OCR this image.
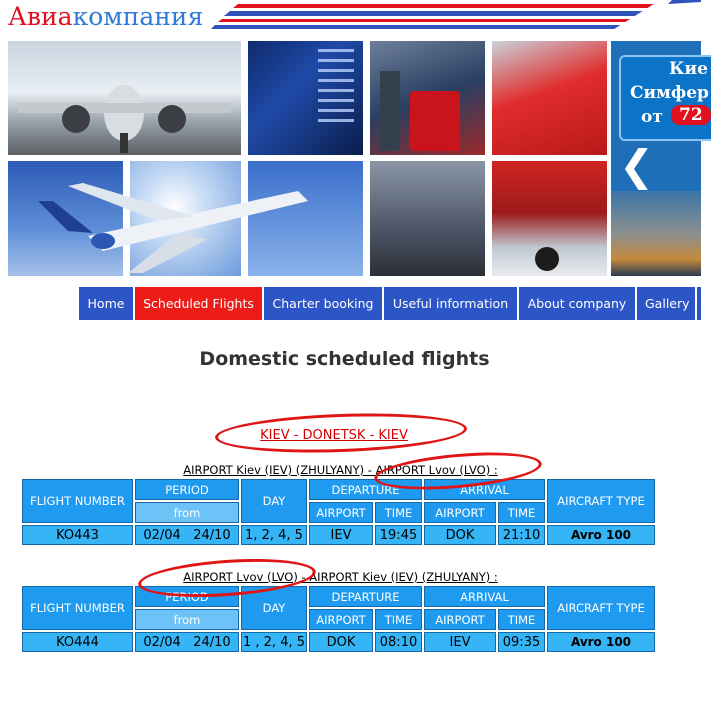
Авиакомпания
Кие
Симфер
от 72
❮
Home	Scheduled Flights	Charter booking	Useful information	About company	Gallery
Domestic scheduled flights
KIEV - DONETSK - KIEV
AIRPORT Kiev (IEV) (ZHULYANY) - AIRPORT Lvov (LVO) :
FLIGHT NUMBER	PERIOD	DAY	DEPARTURE		ARRIVAL		AIRCRAFT TYPE
	from		AIRPORT	TIME	AIRPORT	TIME	
KO443	02/04 24/10	1, 2, 4, 5	IEV	19:45	DOK	21:10	Avro 100
AIRPORT Lvov (LVO) - AIRPORT Kiev (IEV) (ZHULYANY) :
FLIGHT NUMBER	PERIOD	DAY	DEPARTURE		ARRIVAL		AIRCRAFT TYPE
	from		AIRPORT	TIME	AIRPORT	TIME	
KO444	02/04 24/10	1 , 2, 4, 5	DOK	08:10	IEV	09:35	Avro 100
